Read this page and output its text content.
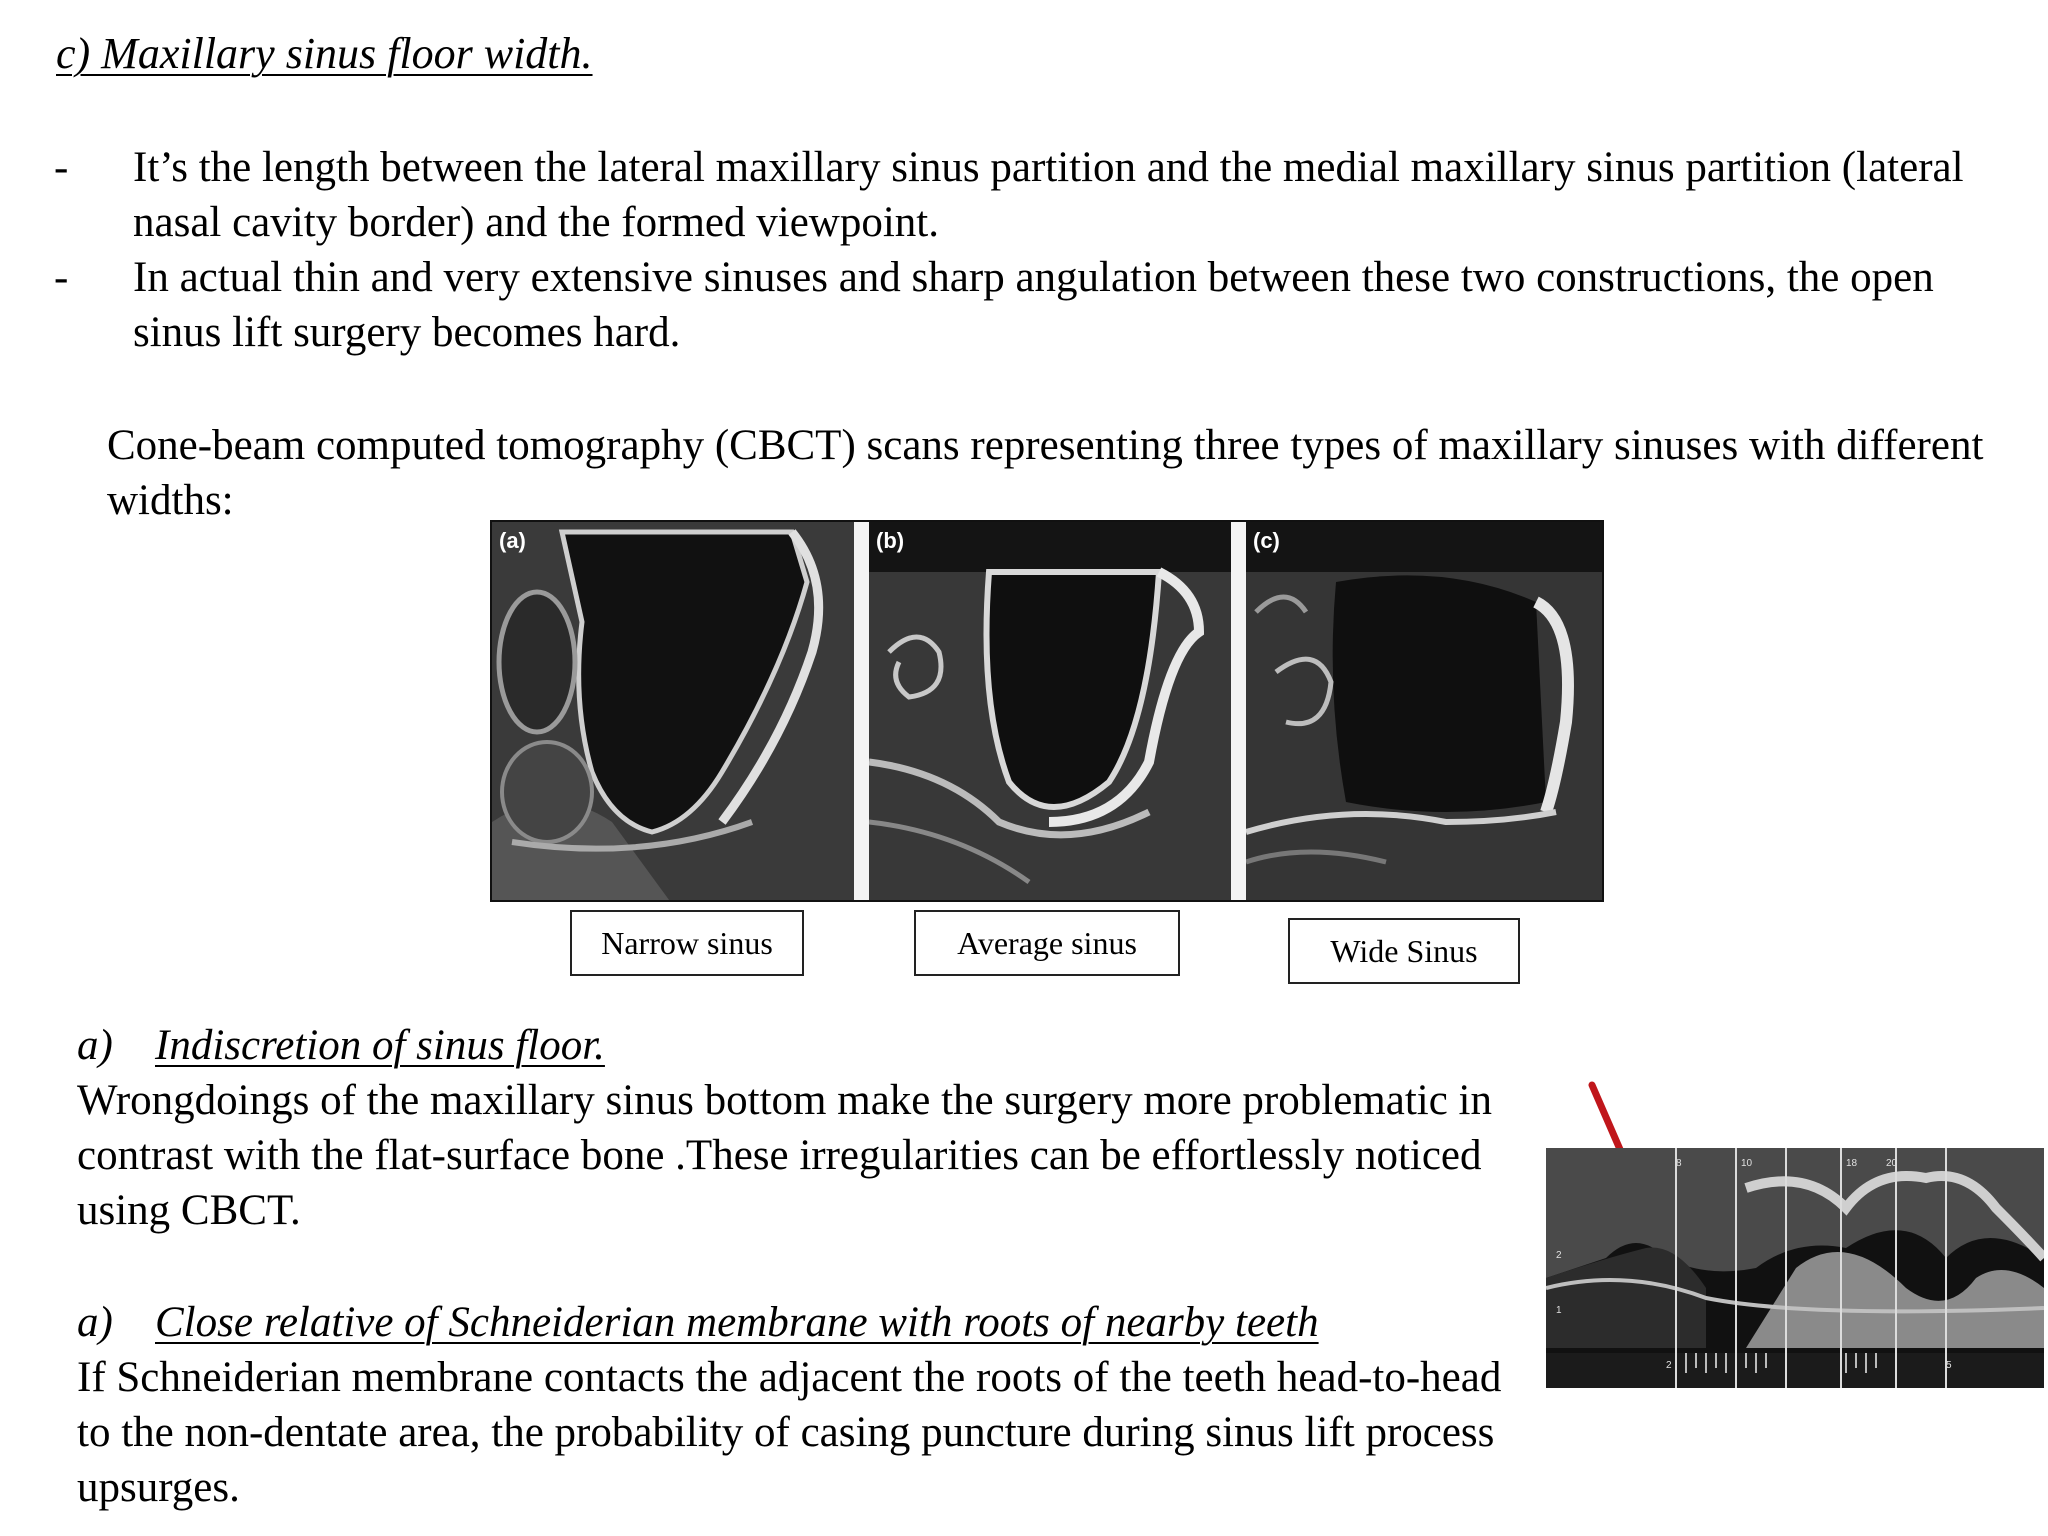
c) Maxillary sinus floor width.
-	It’s the length between the lateral maxillary sinus partition and the medial maxillary sinus partition (lateral nasal cavity border) and the formed viewpoint.
-	In actual thin and very extensive sinuses and sharp angulation between these two constructions, the open sinus lift surgery becomes hard.
Cone-beam computed tomography (CBCT) scans representing three types of maxillary sinuses with different widths:
(a)	(b)	(c)
Narrow sinus	Average sinus	Wide Sinus
a) Indiscretion of sinus floor.
Wrongdoings of the maxillary sinus bottom make the surgery more problematic in contrast with the flat-surface bone .These irregularities can be effortlessly noticed using CBCT.
a) Close relative of Schneiderian membrane with roots of nearby teeth
If Schneiderian membrane contacts the adjacent the roots of the teeth head-to-head to the non-dentate area, the probability of casing puncture during sinus lift process upsurges.
8	10	18	20
2
1
2	5
